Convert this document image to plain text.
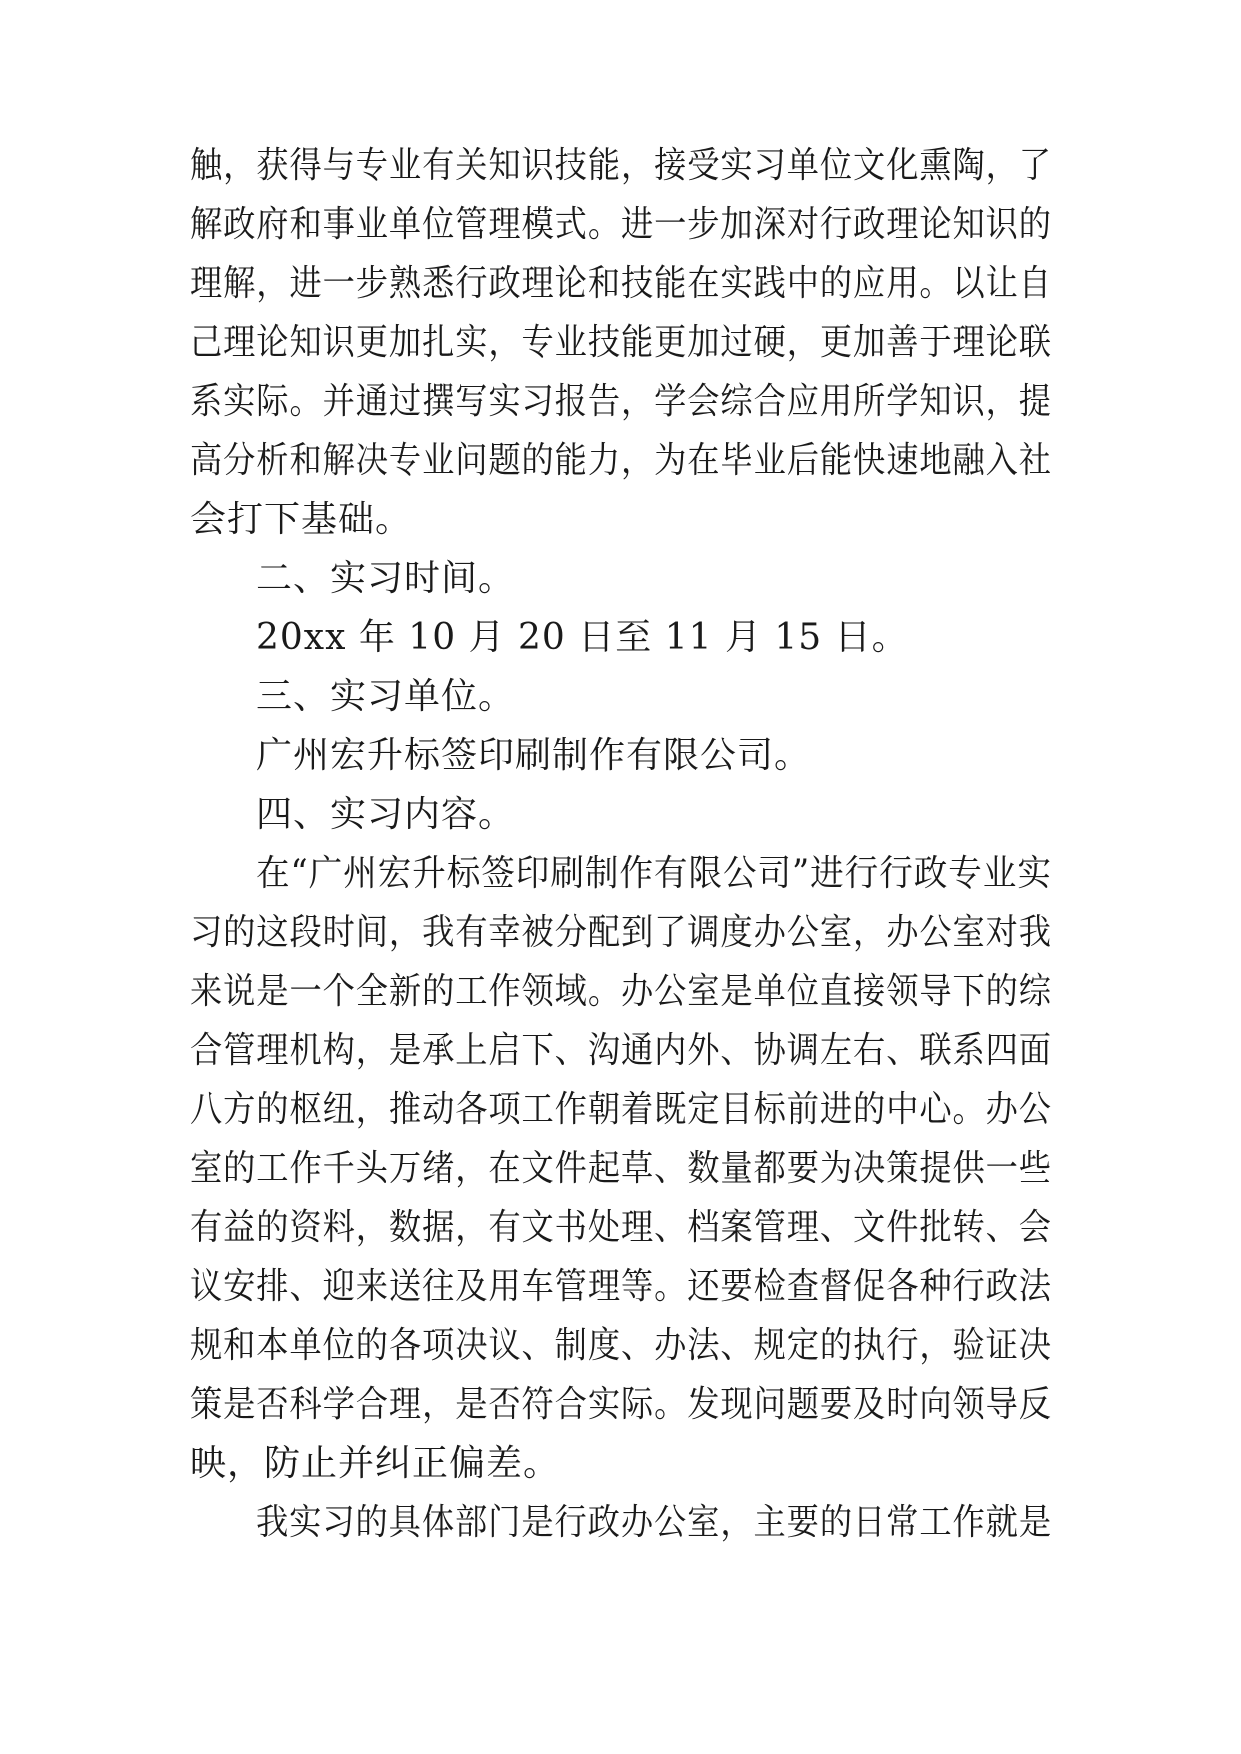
触，获得与专业有关知识技能，接受实习单位文化熏陶，了
解政府和事业单位管理模式。进一步加深对行政理论知识的
理解，进一步熟悉行政理论和技能在实践中的应用。以让自
己理论知识更加扎实，专业技能更加过硬，更加善于理论联
系实际。并通过撰写实习报告，学会综合应用所学知识，提
高分析和解决专业问题的能力，为在毕业后能快速地融入社
会打下基础。
二、实习时间。
20xx 年 10 月 20 日至 11 月 15 日。
三、实习单位。
广州宏升标签印刷制作有限公司。
四、实习内容。
在“广州宏升标签印刷制作有限公司”进行行政专业实
习的这段时间，我有幸被分配到了调度办公室，办公室对我
来说是一个全新的工作领域。办公室是单位直接领导下的综
合管理机构，是承上启下、沟通内外、协调左右、联系四面
八方的枢纽，推动各项工作朝着既定目标前进的中心。办公
室的工作千头万绪，在文件起草、数量都要为决策提供一些
有益的资料，数据，有文书处理、档案管理、文件批转、会
议安排、迎来送往及用车管理等。还要检查督促各种行政法
规和本单位的各项决议、制度、办法、规定的执行，验证决
策是否科学合理，是否符合实际。发现问题要及时向领导反
映，防止并纠正偏差。
我实习的具体部门是行政办公室，主要的日常工作就是
